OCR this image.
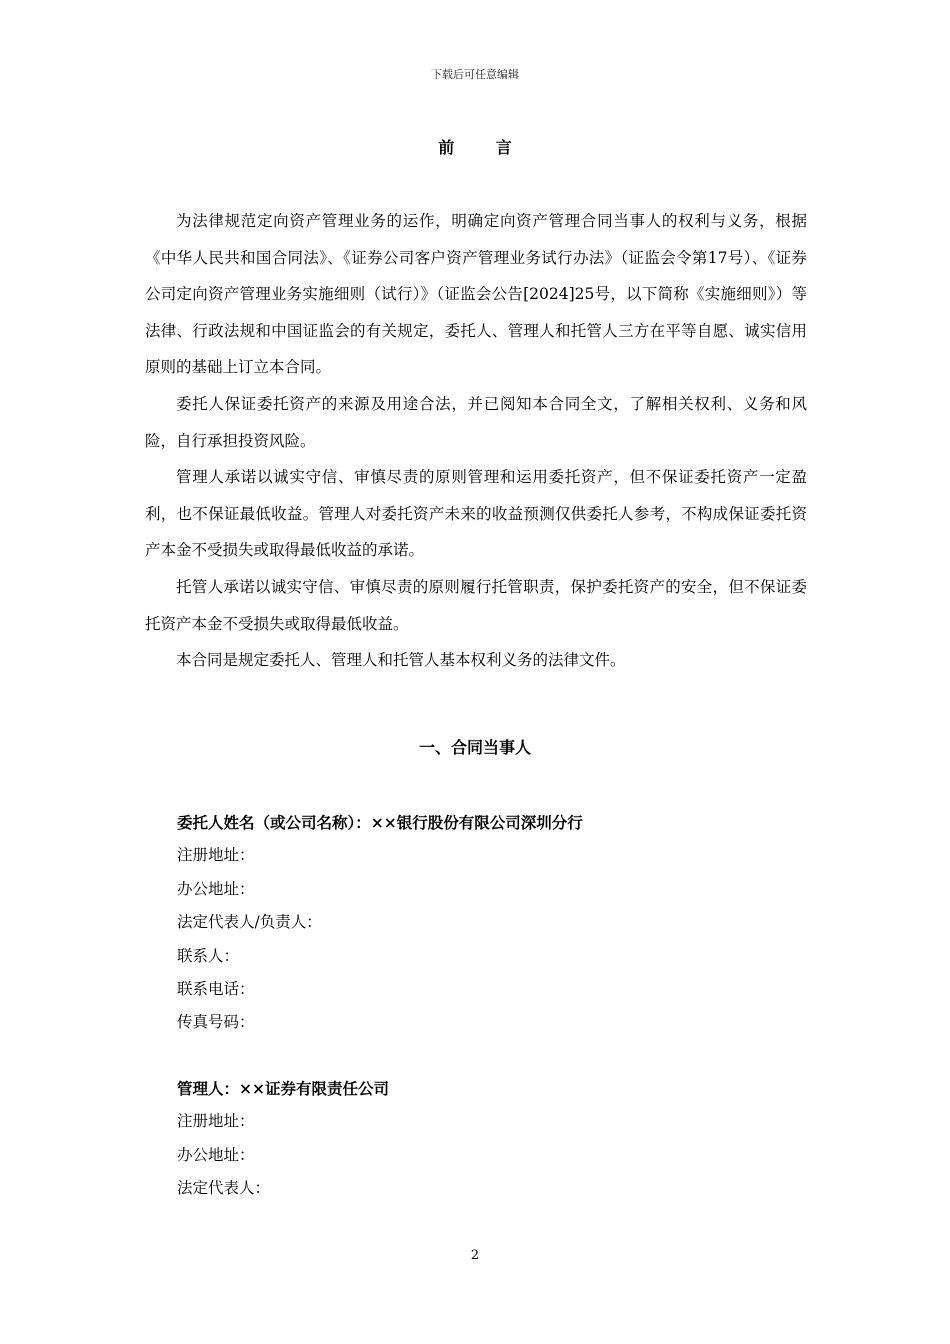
下载后可任意编辑
前 言

为法律规范定向资产管理业务的运作，明确定向资产管理合同当事人的权利与义务，根据《中华人民共和国合同法》、《证券公司客户资产管理业务试行办法》（证监会令第17号）、《证券公司定向资产管理业务实施细则（试行）》（证监会公告[2024]25号，以下简称《实施细则》）等法律、行政法规和中国证监会的有关规定，委托人、管理人和托管人三方在平等自愿、诚实信用原则的基础上订立本合同。

委托人保证委托资产的来源及用途合法，并已阅知本合同全文，了解相关权利、义务和风险，自行承担投资风险。

管理人承诺以诚实守信、审慎尽责的原则管理和运用委托资产，但不保证委托资产一定盈利，也不保证最低收益。管理人对委托资产未来的收益预测仅供委托人参考，不构成保证委托资产本金不受损失或取得最低收益的承诺。

托管人承诺以诚实守信、审慎尽责的原则履行托管职责，保护委托资产的安全，但不保证委托资产本金不受损失或取得最低收益。

本合同是规定委托人、管理人和托管人基本权利义务的法律文件。

一、合同当事人
委托人姓名（或公司名称）：××银行股份有限公司深圳分行
注册地址：
办公地址：
法定代表人/负责人：
联系人：
联系电话：
传真号码：
管理人：××证券有限责任公司
注册地址：
办公地址：
法定代表人：
2
